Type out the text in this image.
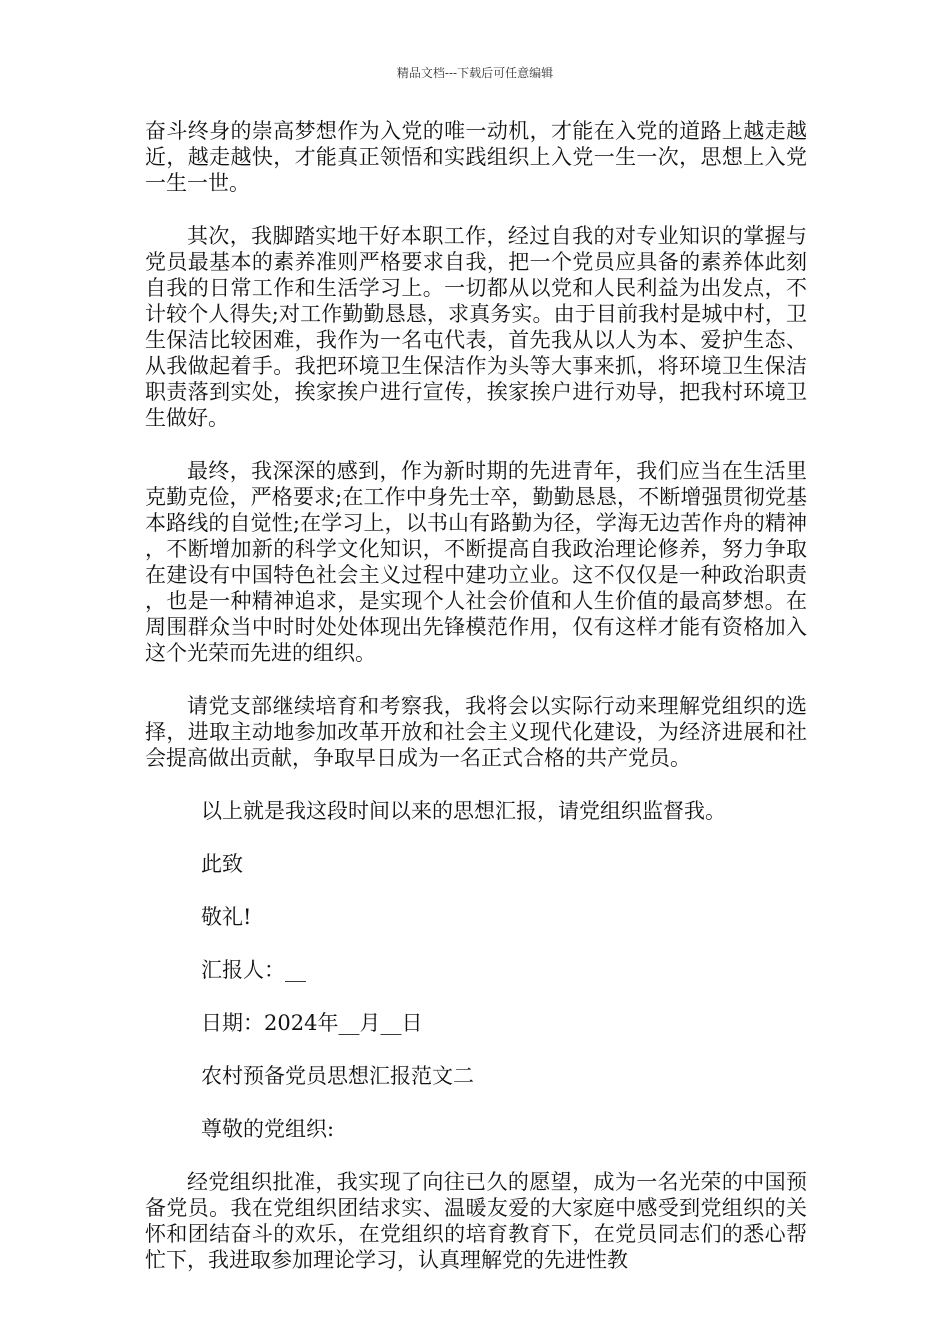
精品文档---下载后可任意编辑

奋斗终身的崇高梦想作为入党的唯一动机，才能在入党的道路上越走越近，越走越快，才能真正领悟和实践组织上入党一生一次，思想上入党一生一世。

其次，我脚踏实地干好本职工作，经过自我的对专业知识的掌握与党员最基本的素养准则严格要求自我，把一个党员应具备的素养体此刻自我的日常工作和生活学习上。一切都从以党和人民利益为出发点，不计较个人得失;对工作勤勤恳恳，求真务实。由于目前我村是城中村，卫生保洁比较困难，我作为一名屯代表，首先我从以人为本、爱护生态、从我做起着手。我把环境卫生保洁作为头等大事来抓，将环境卫生保洁职责落到实处，挨家挨户进行宣传，挨家挨户进行劝导，把我村环境卫生做好。

最终，我深深的感到，作为新时期的先进青年，我们应当在生活里克勤克俭，严格要求;在工作中身先士卒，勤勤恳恳，不断增强贯彻党基本路线的自觉性;在学习上，以书山有路勤为径，学海无边苦作舟的精神，不断增加新的科学文化知识，不断提高自我政治理论修养，努力争取在建设有中国特色社会主义过程中建功立业。这不仅仅是一种政治职责，也是一种精神追求，是实现个人社会价值和人生价值的最高梦想。在周围群众当中时时处处体现出先锋模范作用，仅有这样才能有资格加入这个光荣而先进的组织。

请党支部继续培育和考察我，我将会以实际行动来理解党组织的选择，进取主动地参加改革开放和社会主义现代化建设，为经济进展和社会提高做出贡献，争取早日成为一名正式合格的共产党员。

以上就是我这段时间以来的思想汇报，请党组织监督我。

此致

敬礼!

汇报人：__

日期：2024年__月__日

农村预备党员思想汇报范文二

尊敬的党组织:

经党组织批准，我实现了向往已久的愿望，成为一名光荣的中国预备党员。我在党组织团结求实、温暖友爱的大家庭中感受到党组织的关怀和团结奋斗的欢乐，在党组织的培育教育下，在党员同志们的悉心帮忙下，我进取参加理论学习，认真理解党的先进性教
